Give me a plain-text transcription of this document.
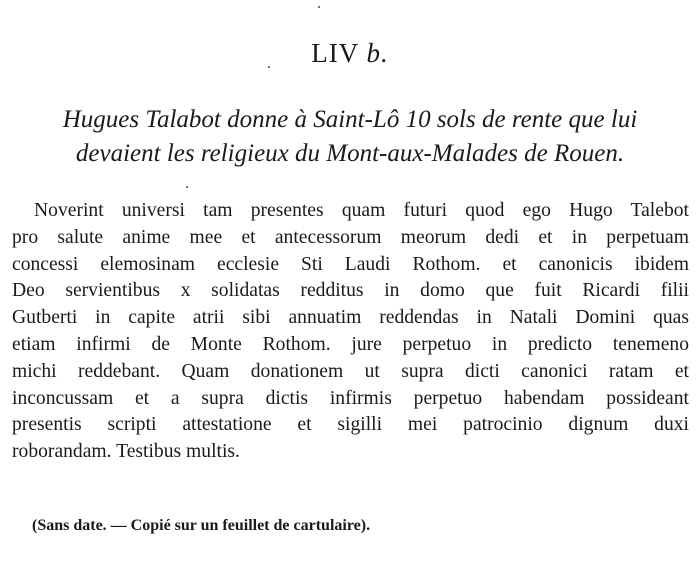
LIV b.
Hugues Talabot donne à Saint-Lô 10 sols de rente que lui
devaient les religieux du Mont-aux-Malades de Rouen.
Noverint universi tam presentes quam futuri quod ego Hugo Talebot
pro salute anime mee et antecessorum meorum dedi et in perpetuam
concessi elemosinam ecclesie Sti Laudi Rothom. et canonicis ibidem
Deo servientibus x solidatas redditus in domo que fuit Ricardi filii
Gutberti in capite atrii sibi annuatim reddendas in Natali Domini quas
etiam infirmi de Monte Rothom. jure perpetuo in predicto tenemeno
michi reddebant. Quam donationem ut supra dicti canonici ratam et
inconcussam et a supra dictis infirmis perpetuo habendam possideant
presentis scripti attestatione et sigilli mei patrocinio dignum duxi
roborandam. Testibus multis.
(Sans date. — Copié sur un feuillet de cartulaire).
